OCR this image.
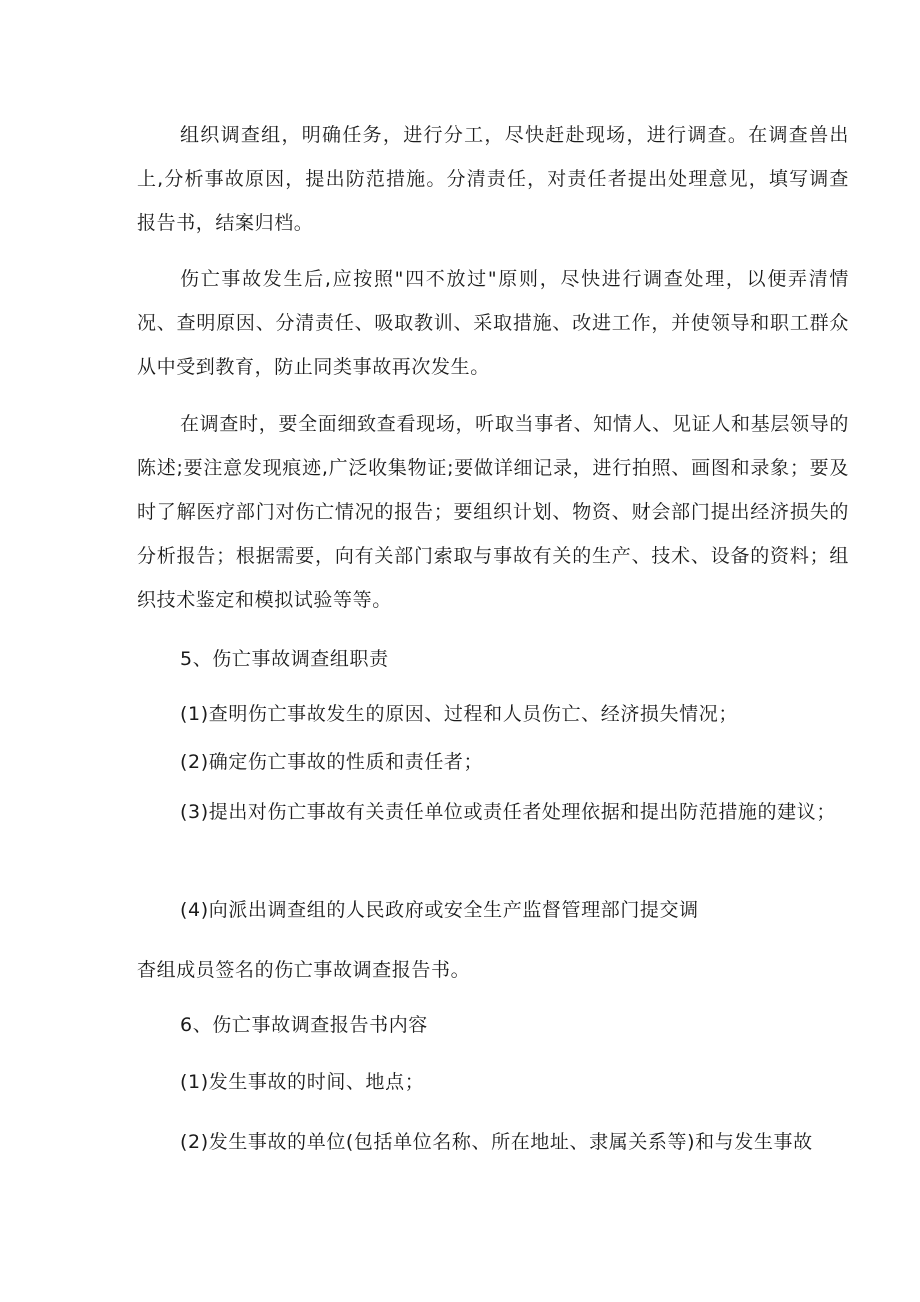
组织调查组，明确任务，进行分工，尽快赶赴现场，进行调查。在调查兽出上,分析事故原因，提出防范措施。分清责任，对责任者提出处理意见，填写调查报告书，结案归档。

伤亡事故发生后,应按照"四不放过"原则，尽快进行调查处理，以便弄清情况、查明原因、分清责任、吸取教训、采取措施、改进工作，并使领导和职工群众从中受到教育，防止同类事故再次发生。

在调查时，要全面细致查看现场，听取当事者、知情人、见证人和基层领导的陈述;要注意发现痕迹,广泛收集物证;要做详细记录，进行拍照、画图和录象；要及时了解医疗部门对伤亡情况的报告；要组织计划、物资、财会部门提出经济损失的分析报告；根据需要，向有关部门索取与事故有关的生产、技术、设备的资料；组织技术鉴定和模拟试验等等。

5、伤亡事故调查组职责

(1)查明伤亡事故发生的原因、过程和人员伤亡、经济损失情况；

(2)确定伤亡事故的性质和责任者；

(3)提出对伤亡事故有关责任单位或责任者处理依据和提出防范措施的建议；

(4)向派出调查组的人民政府或安全生产监督管理部门提交调

杳组成员签名的伤亡事故调查报告书。

6、伤亡事故调查报告书内容

(1)发生事故的时间、地点；

(2)发生事故的单位(包括单位名称、所在地址、隶属关系等)和与发生事故
